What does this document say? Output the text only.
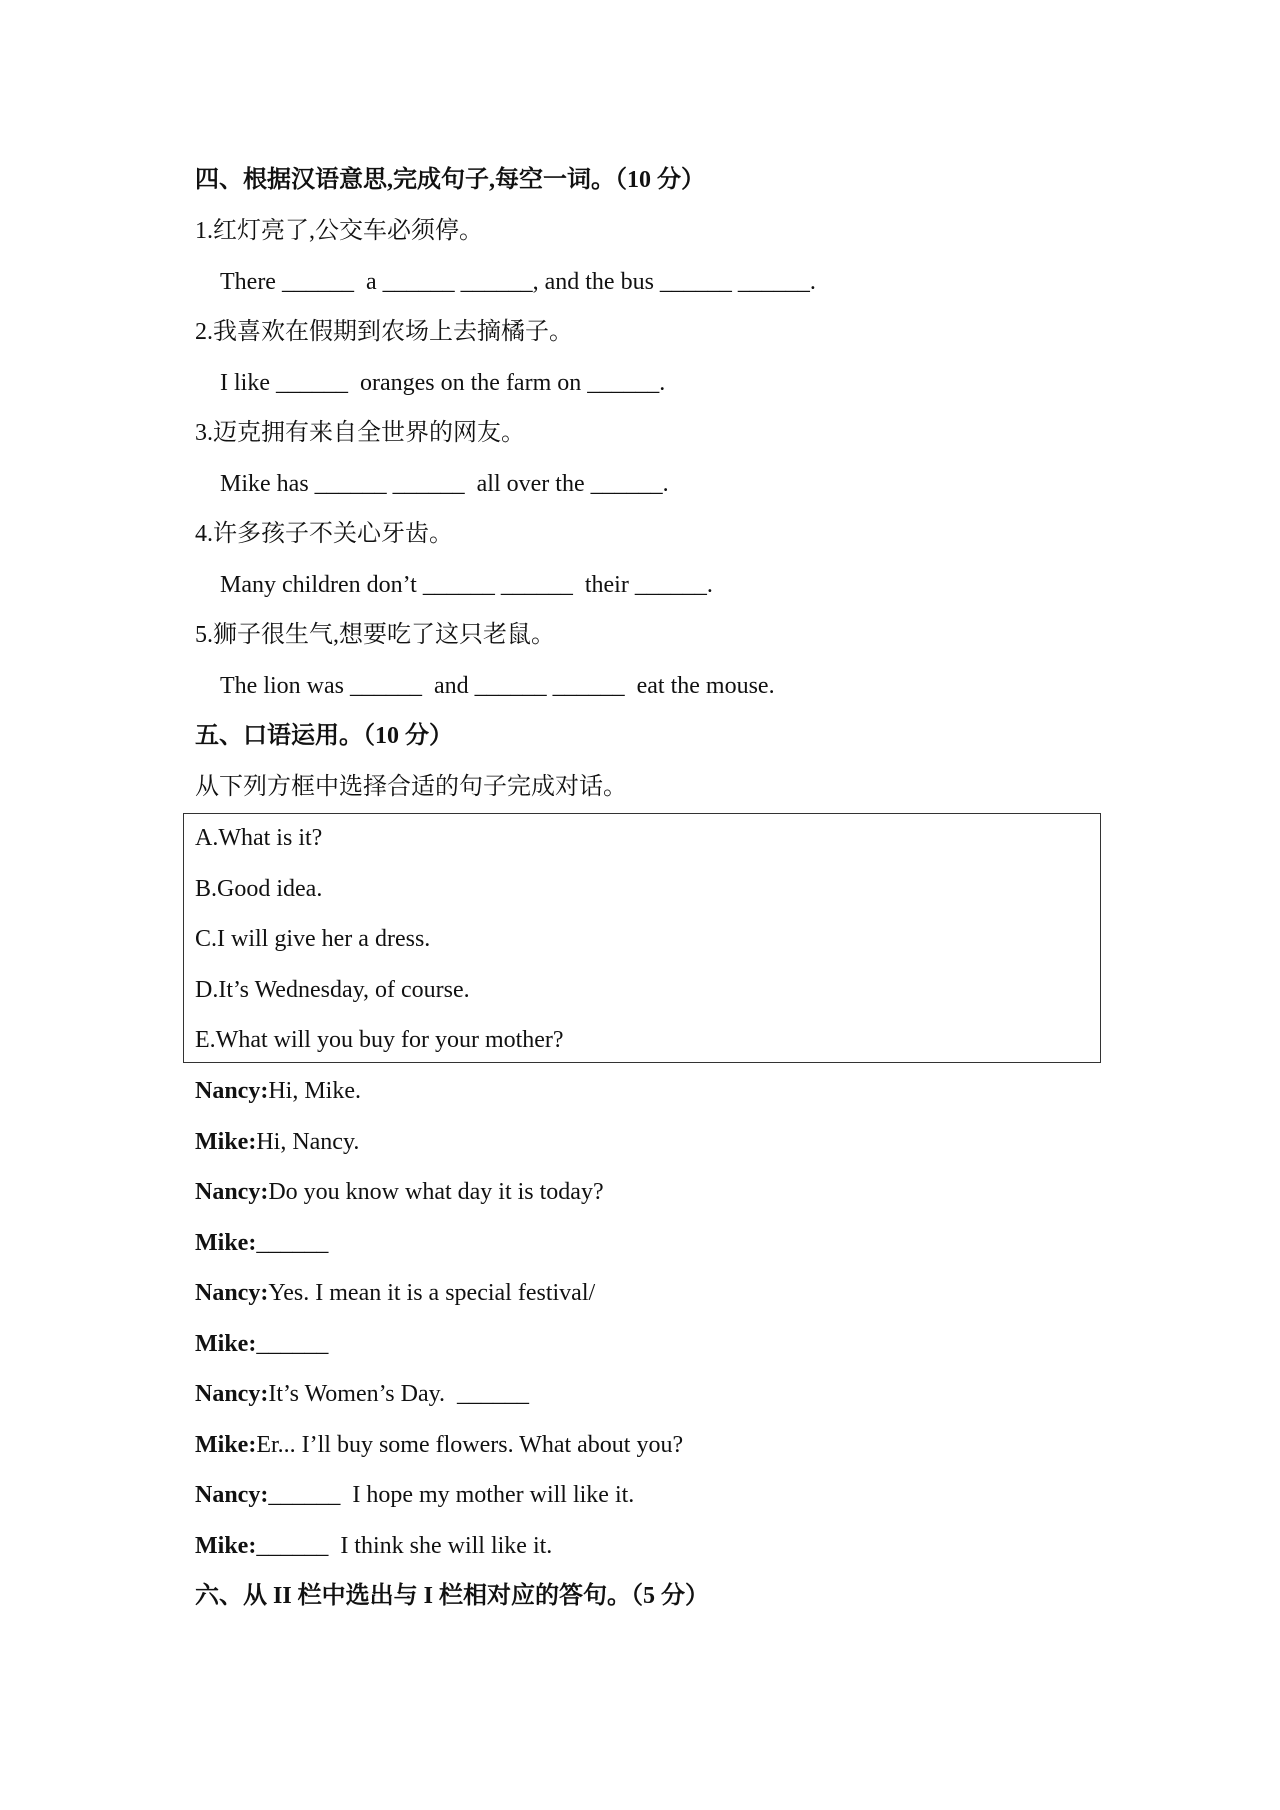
四、根据汉语意思,完成句子,每空一词。（10 分）
1.红灯亮了,公交车必须停。
There ______  a ______ ______, and the bus ______ ______.
2.我喜欢在假期到农场上去摘橘子。
I like ______  oranges on the farm on ______.
3.迈克拥有来自全世界的网友。
Mike has ______ ______  all over the ______.
4.许多孩子不关心牙齿。
Many children don’t ______ ______  their ______.
5.狮子很生气,想要吃了这只老鼠。
The lion was ______  and ______ ______  eat the mouse.
五、口语运用。（10 分）
从下列方框中选择合适的句子完成对话。
A.What is it?
B.Good idea.
C.I will give her a dress.
D.It’s Wednesday, of course.
E.What will you buy for your mother?
Nancy:Hi, Mike.
Mike:Hi, Nancy.
Nancy:Do you know what day it is today?
Mike:______
Nancy:Yes. I mean it is a special festival/
Mike:______
Nancy:It’s Women’s Day.  ______
Mike:Er... I’ll buy some flowers. What about you?
Nancy:______  I hope my mother will like it.
Mike:______  I think she will like it.
六、从 II 栏中选出与 I 栏相对应的答句。（5 分）
